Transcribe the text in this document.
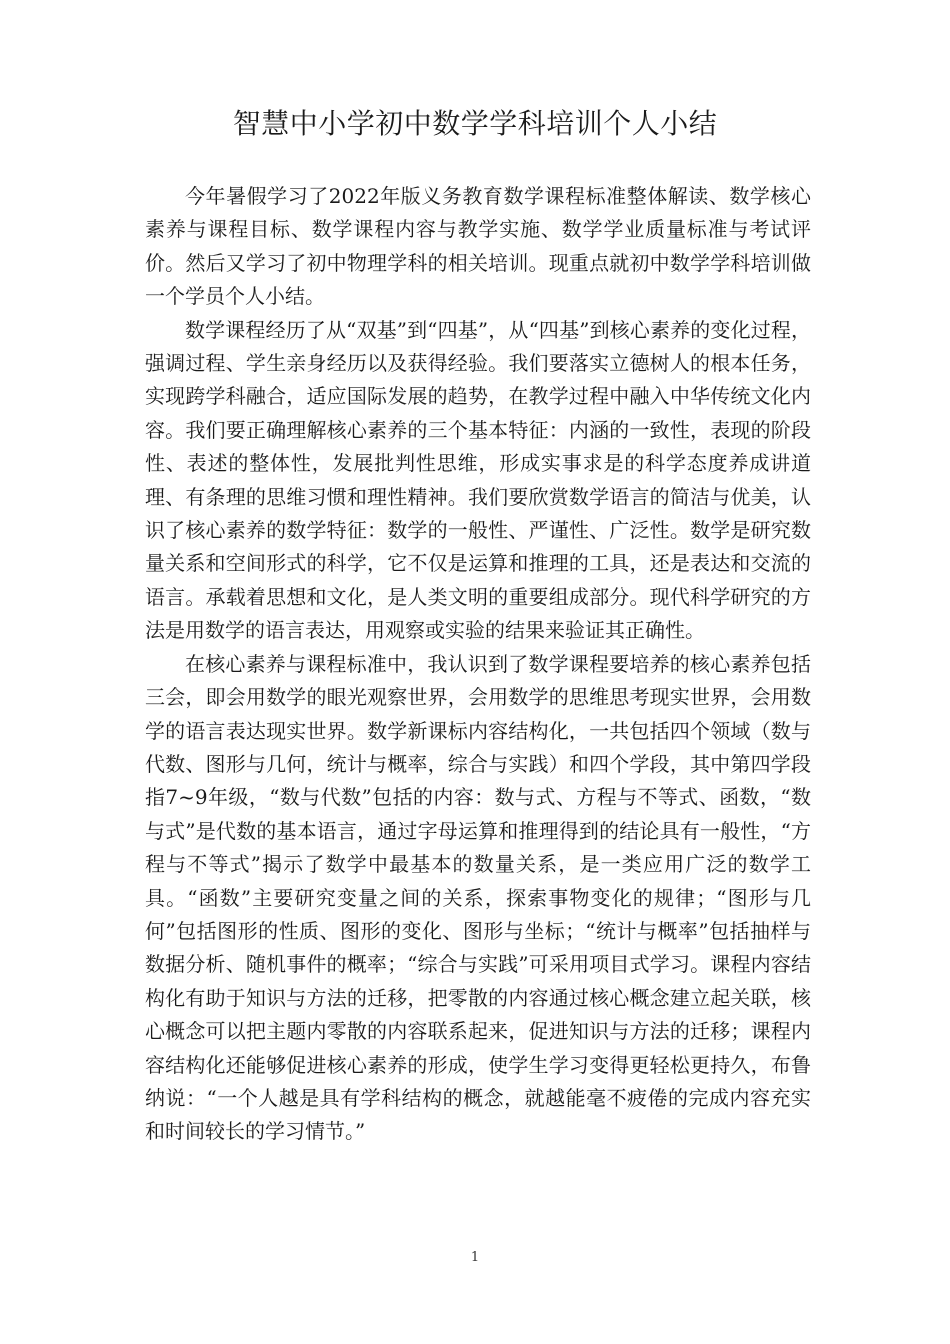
智慧中小学初中数学学科培训个人小结

今年暑假学习了2022年版义务教育数学课程标准整体解读、数学核心素养与课程目标、数学课程内容与教学实施、数学学业质量标准与考试评价。然后又学习了初中物理学科的相关培训。现重点就初中数学学科培训做一个学员个人小结。

数学课程经历了从“双基”到“四基”，从“四基”到核心素养的变化过程，强调过程、学生亲身经历以及获得经验。我们要落实立德树人的根本任务，实现跨学科融合，适应国际发展的趋势，在教学过程中融入中华传统文化内容。我们要正确理解核心素养的三个基本特征：内涵的一致性，表现的阶段性、表述的整体性，发展批判性思维，形成实事求是的科学态度养成讲道理、有条理的思维习惯和理性精神。我们要欣赏数学语言的简洁与优美，认识了核心素养的数学特征：数学的一般性、严谨性、广泛性。数学是研究数量关系和空间形式的科学，它不仅是运算和推理的工具，还是表达和交流的语言。承载着思想和文化，是人类文明的重要组成部分。现代科学研究的方法是用数学的语言表达，用观察或实验的结果来验证其正确性。

在核心素养与课程标准中，我认识到了数学课程要培养的核心素养包括三会，即会用数学的眼光观察世界，会用数学的思维思考现实世界，会用数学的语言表达现实世界。数学新课标内容结构化，一共包括四个领域（数与代数、图形与几何，统计与概率，综合与实践）和四个学段，其中第四学段指7~9年级，“数与代数”包括的内容：数与式、方程与不等式、函数，“数与式”是代数的基本语言，通过字母运算和推理得到的结论具有一般性，“方程与不等式”揭示了数学中最基本的数量关系，是一类应用广泛的数学工具。“函数”主要研究变量之间的关系，探索事物变化的规律；“图形与几何”包括图形的性质、图形的变化、图形与坐标；“统计与概率”包括抽样与数据分析、随机事件的概率；“综合与实践”可采用项目式学习。课程内容结构化有助于知识与方法的迁移，把零散的内容通过核心概念建立起关联，核心概念可以把主题内零散的内容联系起来，促进知识与方法的迁移；课程内容结构化还能够促进核心素养的形成，使学生学习变得更轻松更持久，布鲁纳说：“一个人越是具有学科结构的概念，就越能毫不疲倦的完成内容充实和时间较长的学习情节。”

1
